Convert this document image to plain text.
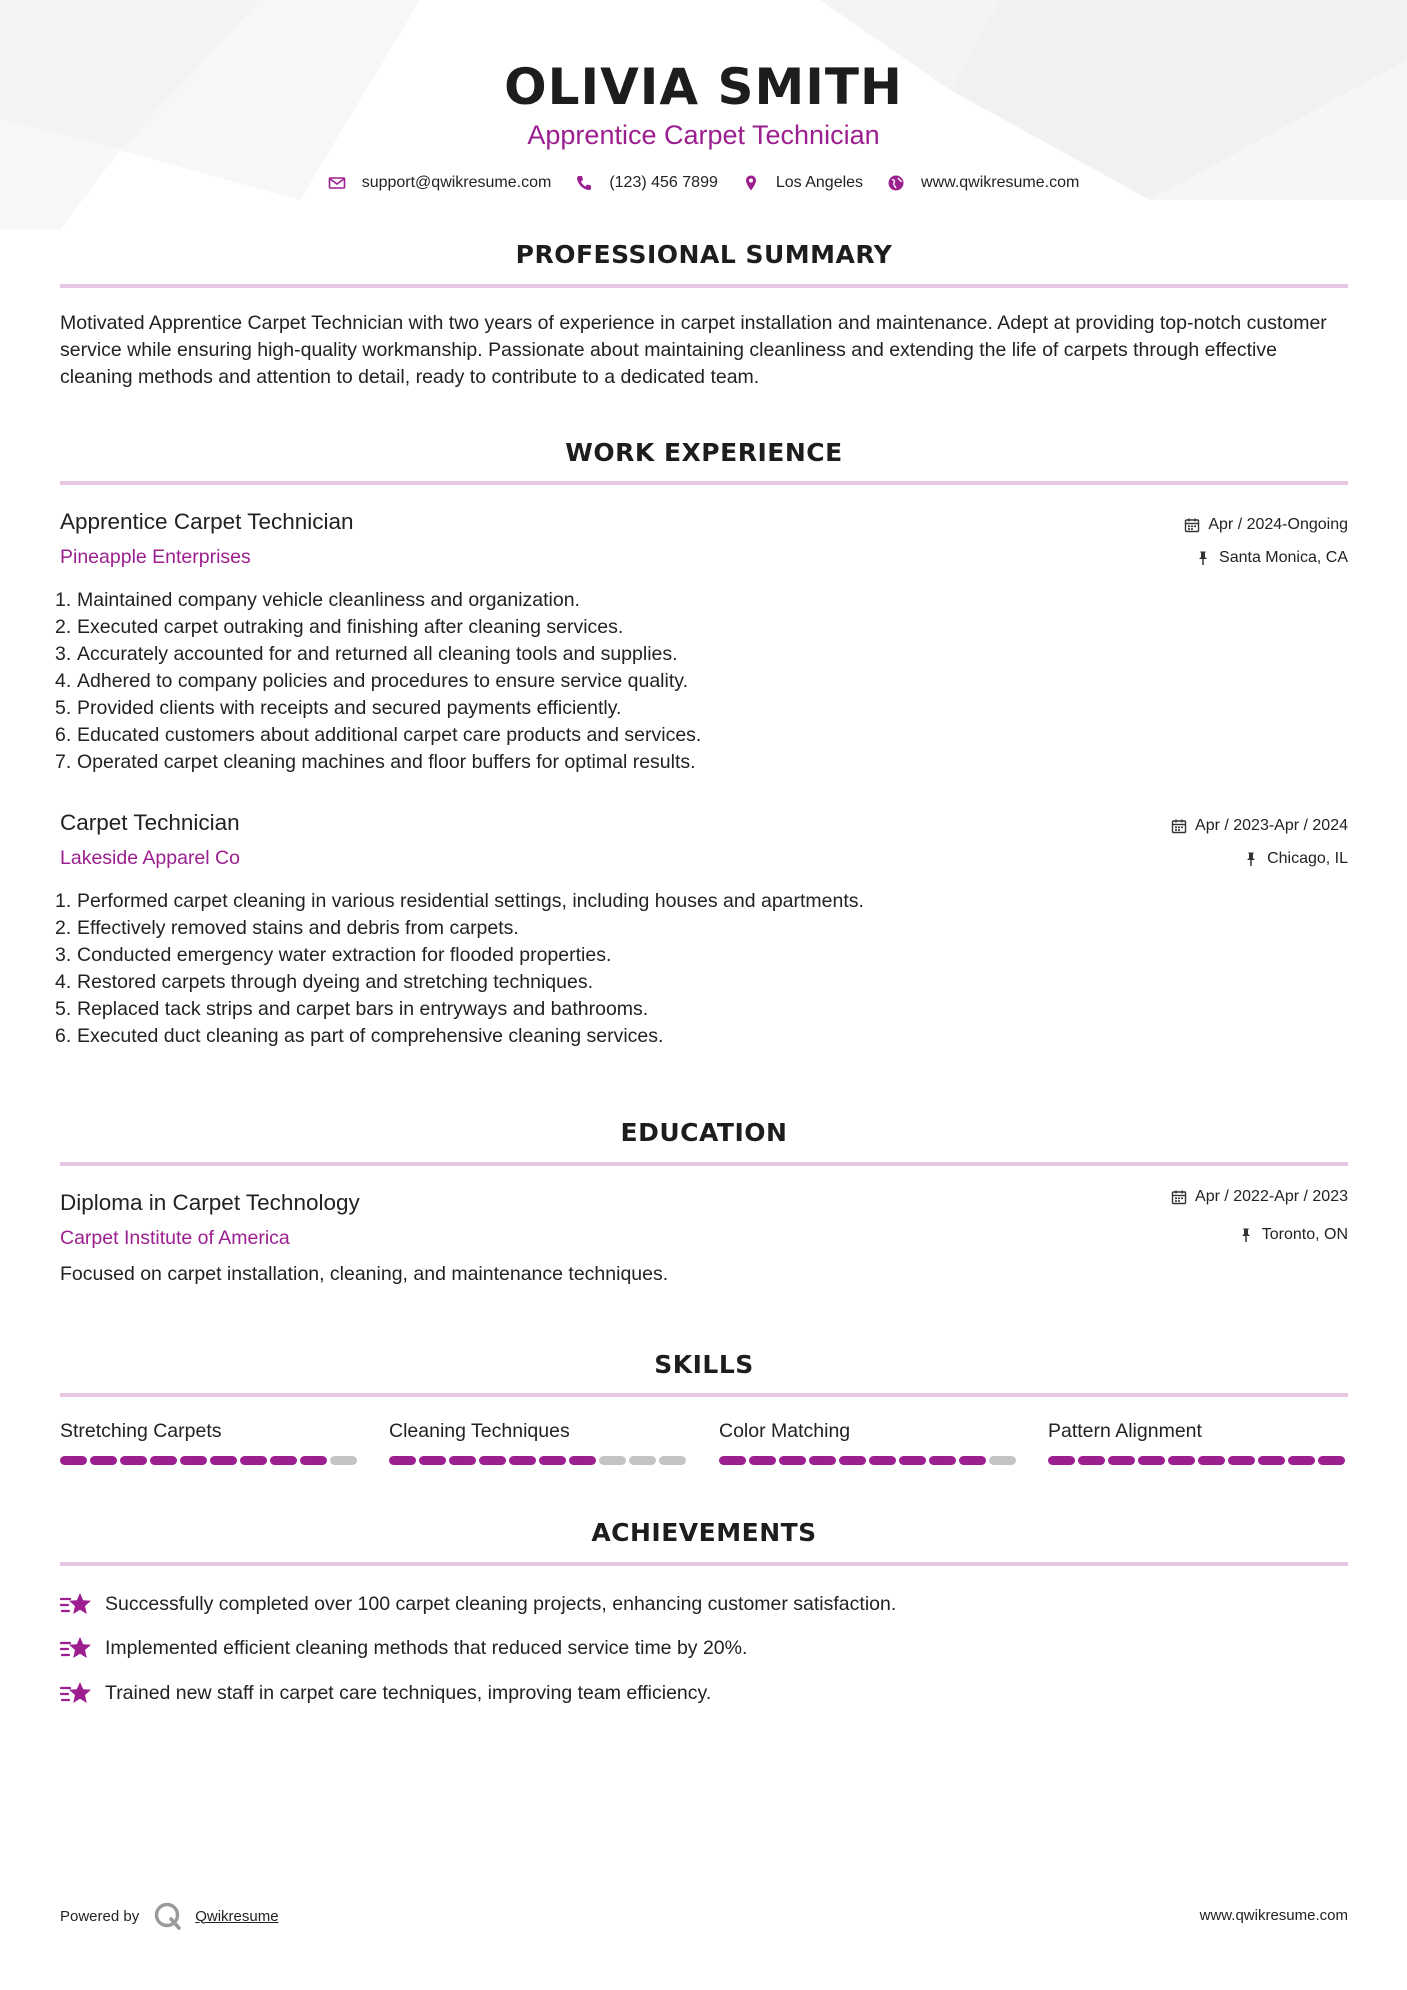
OLIVIA SMITH
Apprentice Carpet Technician
support@qwikresume.com	(123) 456 7899	Los Angeles	www.qwikresume.com
PROFESSIONAL SUMMARY
Motivated Apprentice Carpet Technician with two years of experience in carpet installation and maintenance. Adept at providing top-notch customer service while ensuring high-quality workmanship. Passionate about maintaining cleanliness and extending the life of carpets through effective cleaning methods and attention to detail, ready to contribute to a dedicated team.
WORK EXPERIENCE
Apprentice Carpet Technician
Pineapple Enterprises
Apr / 2024-Ongoing
Santa Monica, CA
1. Maintained company vehicle cleanliness and organization.
2. Executed carpet outraking and finishing after cleaning services.
3. Accurately accounted for and returned all cleaning tools and supplies.
4. Adhered to company policies and procedures to ensure service quality.
5. Provided clients with receipts and secured payments efficiently.
6. Educated customers about additional carpet care products and services.
7. Operated carpet cleaning machines and floor buffers for optimal results.
Carpet Technician
Lakeside Apparel Co
Apr / 2023-Apr / 2024
Chicago, IL
1. Performed carpet cleaning in various residential settings, including houses and apartments.
2. Effectively removed stains and debris from carpets.
3. Conducted emergency water extraction for flooded properties.
4. Restored carpets through dyeing and stretching techniques.
5. Replaced tack strips and carpet bars in entryways and bathrooms.
6. Executed duct cleaning as part of comprehensive cleaning services.
EDUCATION
Diploma in Carpet Technology
Carpet Institute of America
Apr / 2022-Apr / 2023
Toronto, ON
Focused on carpet installation, cleaning, and maintenance techniques.
SKILLS
Stretching Carpets	Cleaning Techniques	Color Matching	Pattern Alignment
ACHIEVEMENTS
Successfully completed over 100 carpet cleaning projects, enhancing customer satisfaction.
Implemented efficient cleaning methods that reduced service time by 20%.
Trained new staff in carpet care techniques, improving team efficiency.
Powered by	Qwikresume	www.qwikresume.com
